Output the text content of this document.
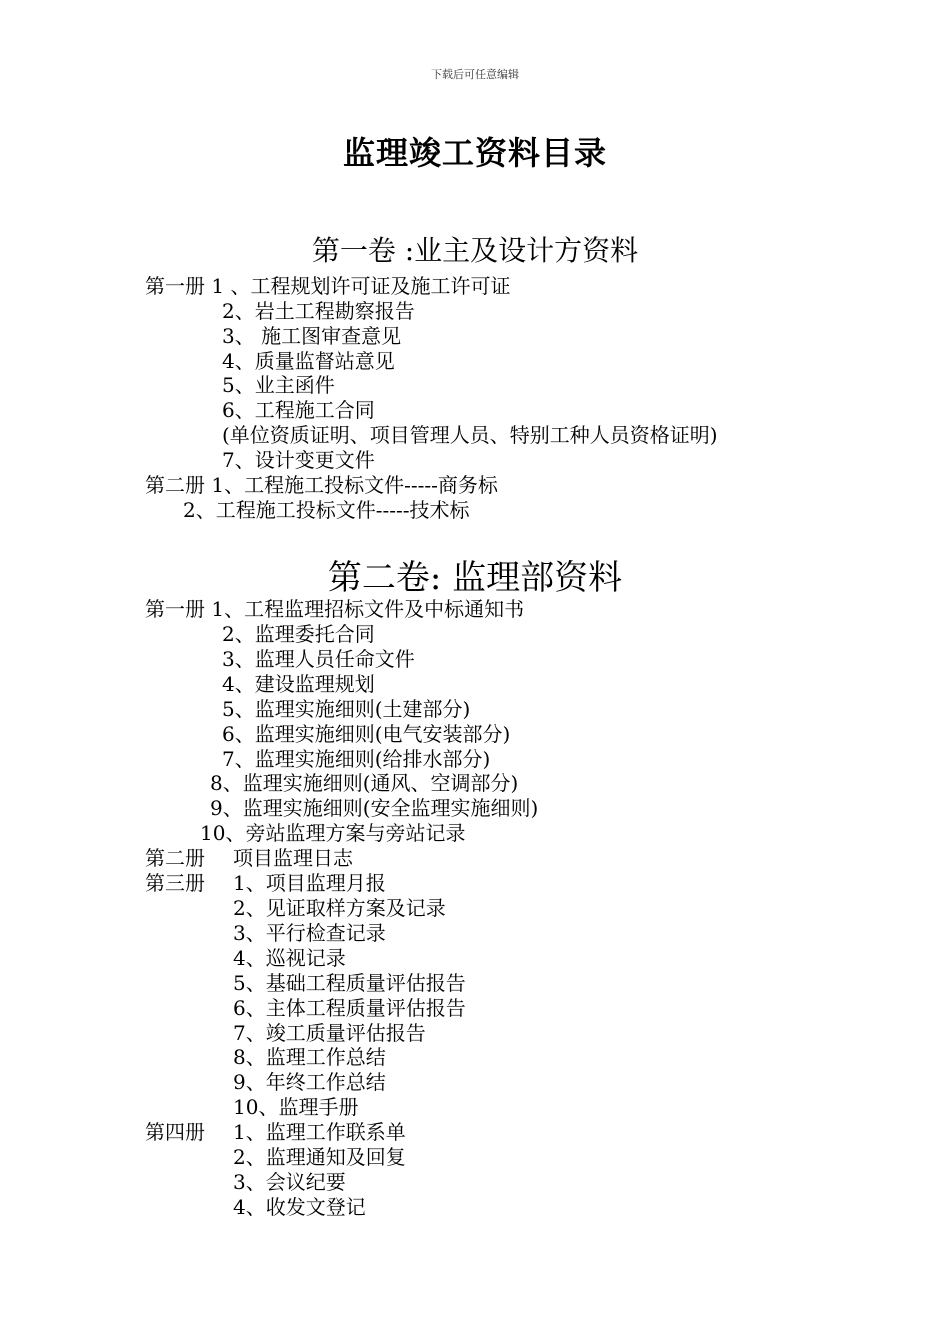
下载后可任意编辑
监理竣工资料目录
第一卷 :业主及设计方资料
第一册 1 、工程规划许可证及施工许可证
2、岩土工程勘察报告
3、 施工图审查意见
4、质量监督站意见
5、业主函件
6、工程施工合同
(单位资质证明、项目管理人员、特别工种人员资格证明)
7、设计变更文件
第二册 1、工程施工投标文件-----商务标
2、工程施工投标文件-----技术标
第二卷: 监理部资料
第一册 1、工程监理招标文件及中标通知书
2、监理委托合同
3、监理人员任命文件
4、建设监理规划
5、监理实施细则(土建部分)
6、监理实施细则(电气安装部分)
7、监理实施细则(给排水部分)
8、监理实施细则(通风、空调部分)
9、监理实施细则(安全监理实施细则)
10、旁站监理方案与旁站记录
第二册 项目监理日志
第三册 1、项目监理月报
2、见证取样方案及记录
3、平行检查记录
4、巡视记录
5、基础工程质量评估报告
6、主体工程质量评估报告
7、竣工质量评估报告
8、监理工作总结
9、年终工作总结
10、监理手册
第四册 1、监理工作联系单
2、监理通知及回复
3、会议纪要
4、收发文登记
